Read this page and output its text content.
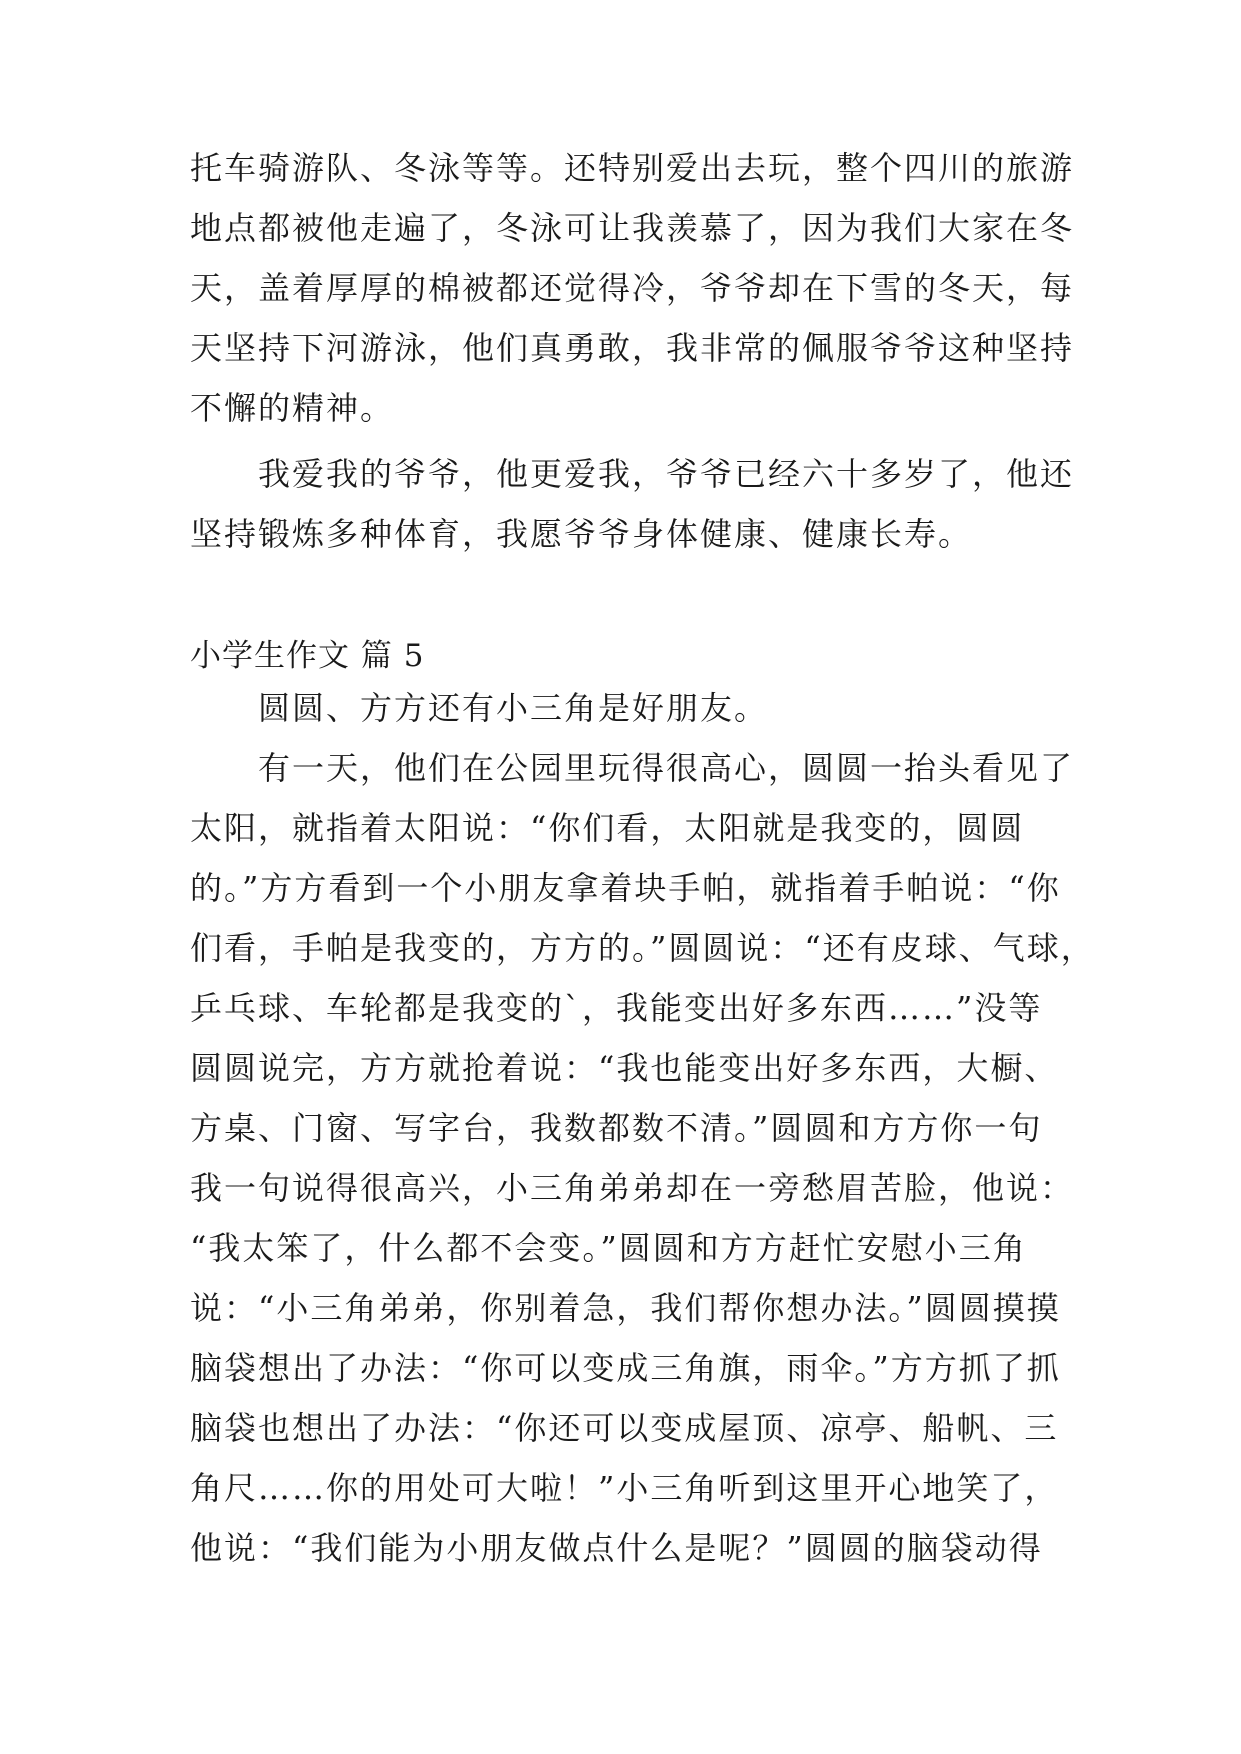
托车骑游队、冬泳等等。还特别爱出去玩，整个四川的旅游
地点都被他走遍了，冬泳可让我羡慕了，因为我们大家在冬
天，盖着厚厚的棉被都还觉得冷，爷爷却在下雪的冬天，每
天坚持下河游泳，他们真勇敢，我非常的佩服爷爷这种坚持
不懈的精神。
我爱我的爷爷，他更爱我，爷爷已经六十多岁了，他还
坚持锻炼多种体育，我愿爷爷身体健康、健康长寿。
小学生作文 篇 5
圆圆、方方还有小三角是好朋友。
有一天，他们在公园里玩得很高心，圆圆一抬头看见了
太阳，就指着太阳说：“你们看，太阳就是我变的，圆圆
的。”方方看到一个小朋友拿着块手帕，就指着手帕说：“你
们看，手帕是我变的，方方的。”圆圆说：“还有皮球、气球，
乒乓球、车轮都是我变的`，我能变出好多东西……”没等
圆圆说完，方方就抢着说：“我也能变出好多东西，大橱、
方桌、门窗、写字台，我数都数不清。”圆圆和方方你一句
我一句说得很高兴，小三角弟弟却在一旁愁眉苦脸，他说：
“我太笨了，什么都不会变。”圆圆和方方赶忙安慰小三角
说：“小三角弟弟，你别着急，我们帮你想办法。”圆圆摸摸
脑袋想出了办法：“你可以变成三角旗，雨伞。”方方抓了抓
脑袋也想出了办法：“你还可以变成屋顶、凉亭、船帆、三
角尺……你的用处可大啦！”小三角听到这里开心地笑了，
他说：“我们能为小朋友做点什么是呢？”圆圆的脑袋动得
